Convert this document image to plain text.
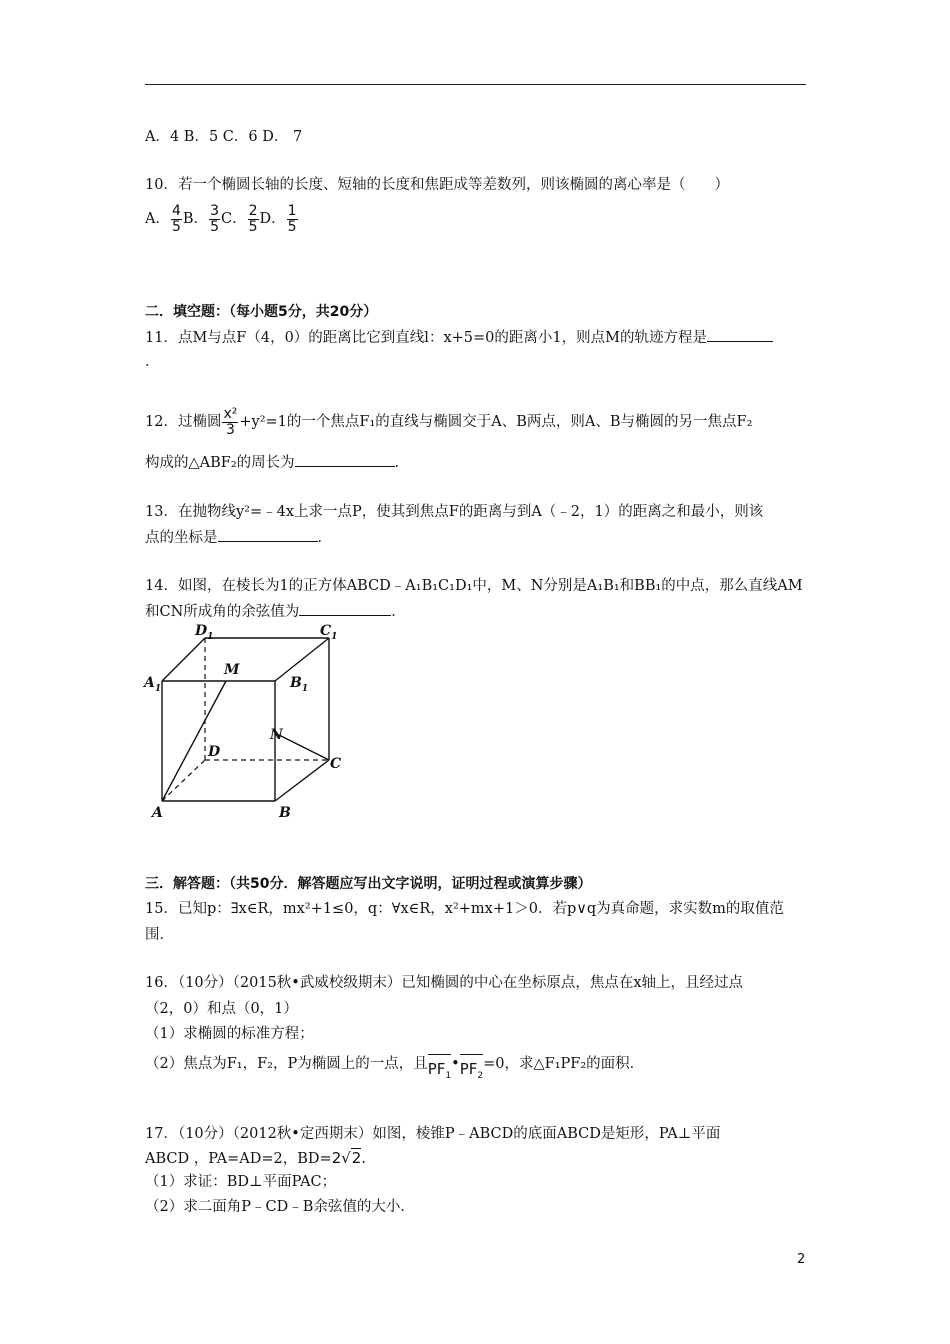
A．4 B．5 C．6 D． 7
10．若一个椭圆长轴的长度、短轴的长度和焦距成等差数列，则该椭圆的离心率是（　　）
A． $\frac{4}{5}$ B． $\frac{3}{5}$ C． $\frac{2}{5}$ D． $\frac{1}{5}$
二．填空题：（每小题5分，共20分）
11．点M与点F（4，0）的距离比它到直线l：x+5=0的距离小1，则点M的轨迹方程是
．
12．过椭圆 $\frac{\text{x²}}{3} +y^2=1$的一个焦点F₁的直线与椭圆交于A、B两点，则A、B与椭圆的另一焦点F₂
构成的△ABF₂的周长为	．
13．在抛物线y²=﹣4x上求一点P，使其到焦点F的距离与到A（﹣2，1）的距离之和最小，则该
点的坐标是	．
14．如图，在棱长为1的正方体ABCD﹣A₁B₁C₁D₁中，M、N分别是A₁B₁和BB₁的中点，那么直线AM
和CN所成角的余弦值为	．
$D_1$	$C_1$
$A_1$	$B_1$
M
N
D
C
A	B
三．解答题：（共50分．解答题应写出文字说明，证明过程或演算步骤）
15．已知p：∃x∈R，mx²+1≤0，q：∀x∈R，x²+mx+1＞0．若p∨q为真命题，求实数m的取值范
围．
16．（10分）（2015秋•武威校级期末）已知椭圆的中心在坐标原点，焦点在x轴上，且经过点
（2，0）和点（0，1）
（1）求椭圆的标准方程；
（2）焦点为F₁，F₂，P为椭圆上的一点，且$PF_1•PF_2=0$，求△F₁PF₂的面积．
17．（10分）（2012秋•定西期末）如图，棱锥P﹣ABCD的底面ABCD是矩形，PA⊥平面
ABCD ，PA=AD=2，BD=2√2.
（1）求证：BD⊥平面PAC；
（2）求二面角P﹣CD﹣B余弦值的大小．
2
